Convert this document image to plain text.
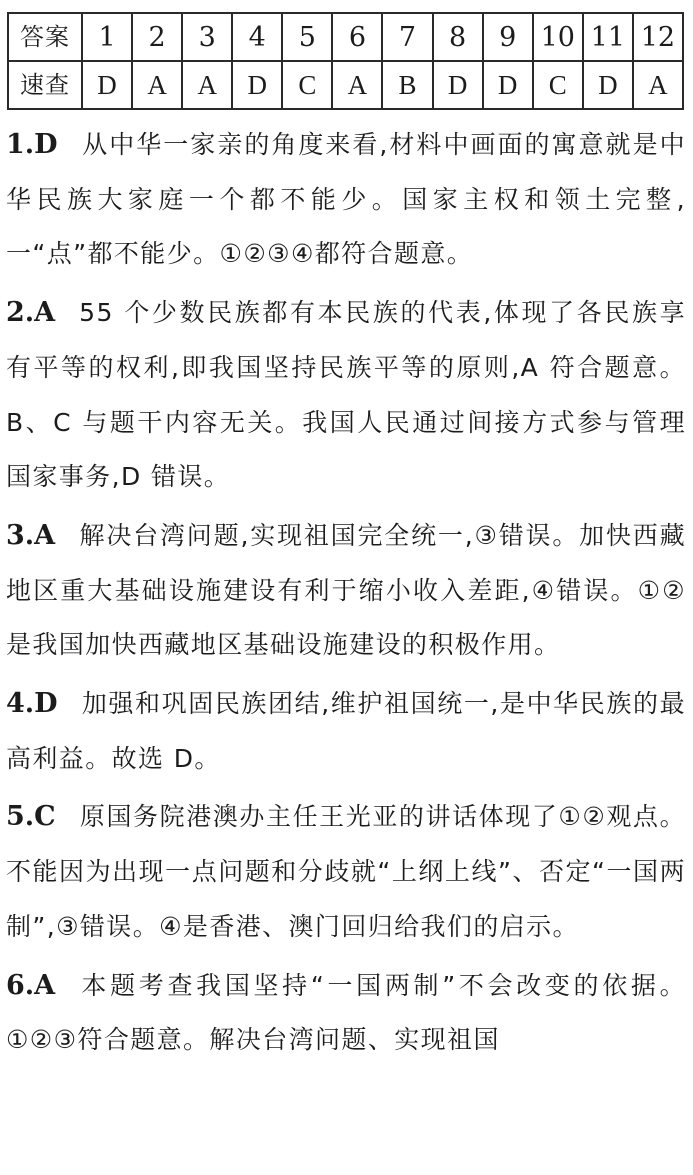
答案	1	2	3	4	5	6	7	8	9	10	11	12
速查	D	A	A	D	C	A	B	D	D	C	D	A

1.D 从中华一家亲的角度来看,材料中画面的寓意就是中华民族大家庭一个都不能少。国家主权和领土完整,一“点”都不能少。①②③④都符合题意。

2.A 55 个少数民族都有本民族的代表,体现了各民族享有平等的权利,即我国坚持民族平等的原则,A 符合题意。B、C 与题干内容无关。我国人民通过间接方式参与管理国家事务,D 错误。

3.A 解决台湾问题,实现祖国完全统一,③错误。加快西藏地区重大基础设施建设有利于缩小收入差距,④错误。①②是我国加快西藏地区基础设施建设的积极作用。

4.D 加强和巩固民族团结,维护祖国统一,是中华民族的最高利益。故选 D。

5.C 原国务院港澳办主任王光亚的讲话体现了①②观点。不能因为出现一点问题和分歧就“上纲上线”、否定“一国两制”,③错误。④是香港、澳门回归给我们的启示。

6.A 本题考查我国坚持“一国两制”不会改变的依据。①②③符合题意。解决台湾问题、实现祖国
